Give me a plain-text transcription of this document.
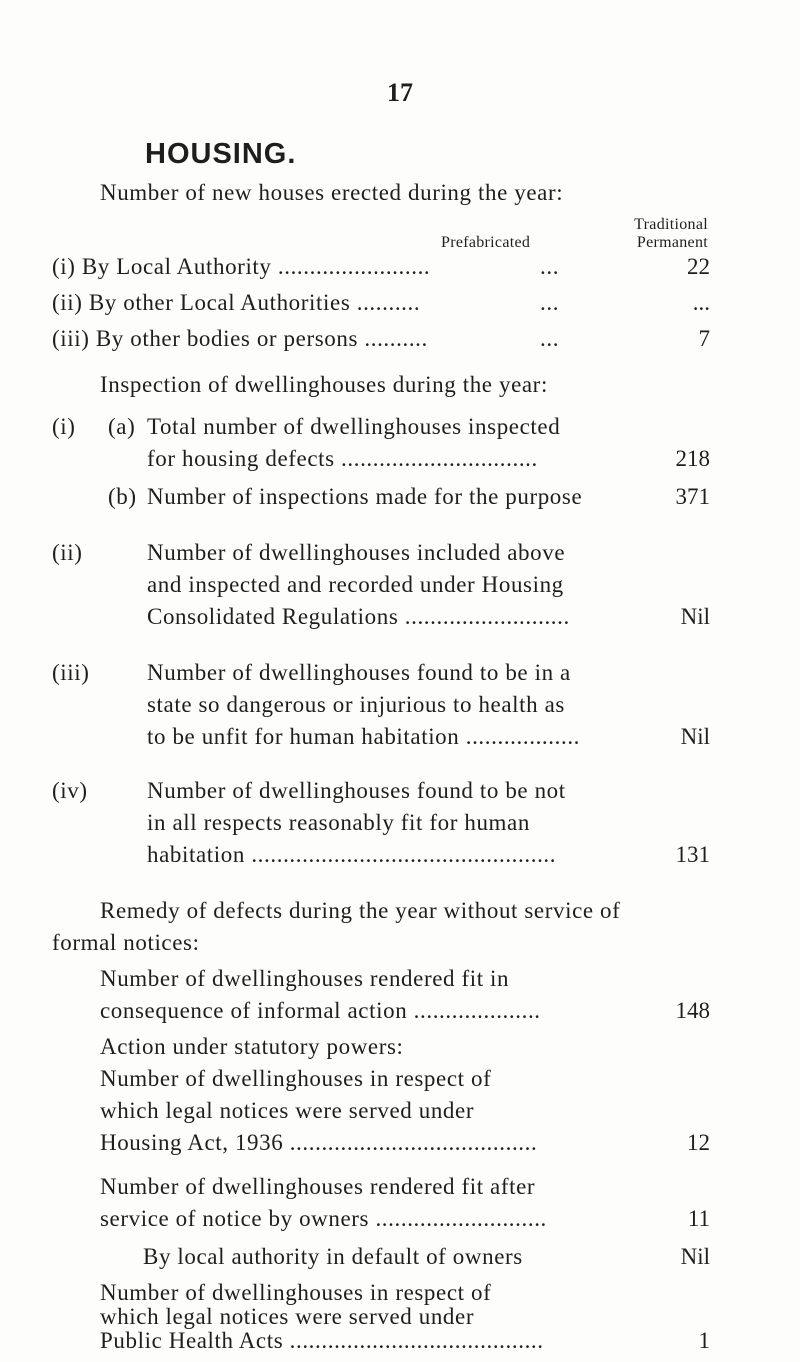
17
HOUSING.
Number of new houses erected during the year:
Traditional
Prefabricated	Permanent
(i) By Local Authority ........................	...	22
(ii) By other Local Authorities ..........	...	...
(iii) By other bodies or persons ..........	...	7
Inspection of dwellinghouses during the year:
(i) (a) Total number of dwellinghouses inspected
for housing defects ...............................	218
(b) Number of inspections made for the purpose	371
(ii)	Number of dwellinghouses included above
and inspected and recorded under Housing
Consolidated Regulations ..........................	Nil
(iii)	Number of dwellinghouses found to be in a
state so dangerous or injurious to health as
to be unfit for human habitation ..................	Nil
(iv)	Number of dwellinghouses found to be not
in all respects reasonably fit for human
habitation ................................................	131
Remedy of defects during the year without service of
formal notices:
Number of dwellinghouses rendered fit in
consequence of informal action ....................	148
Action under statutory powers:
Number of dwellinghouses in respect of
which legal notices were served under
Housing Act, 1936 .......................................	12
Number of dwellinghouses rendered fit after
service of notice by owners ...........................	11
By local authority in default of owners	Nil
Number of dwellinghouses in respect of
which legal notices were served under
Public Health Acts ........................................	1
